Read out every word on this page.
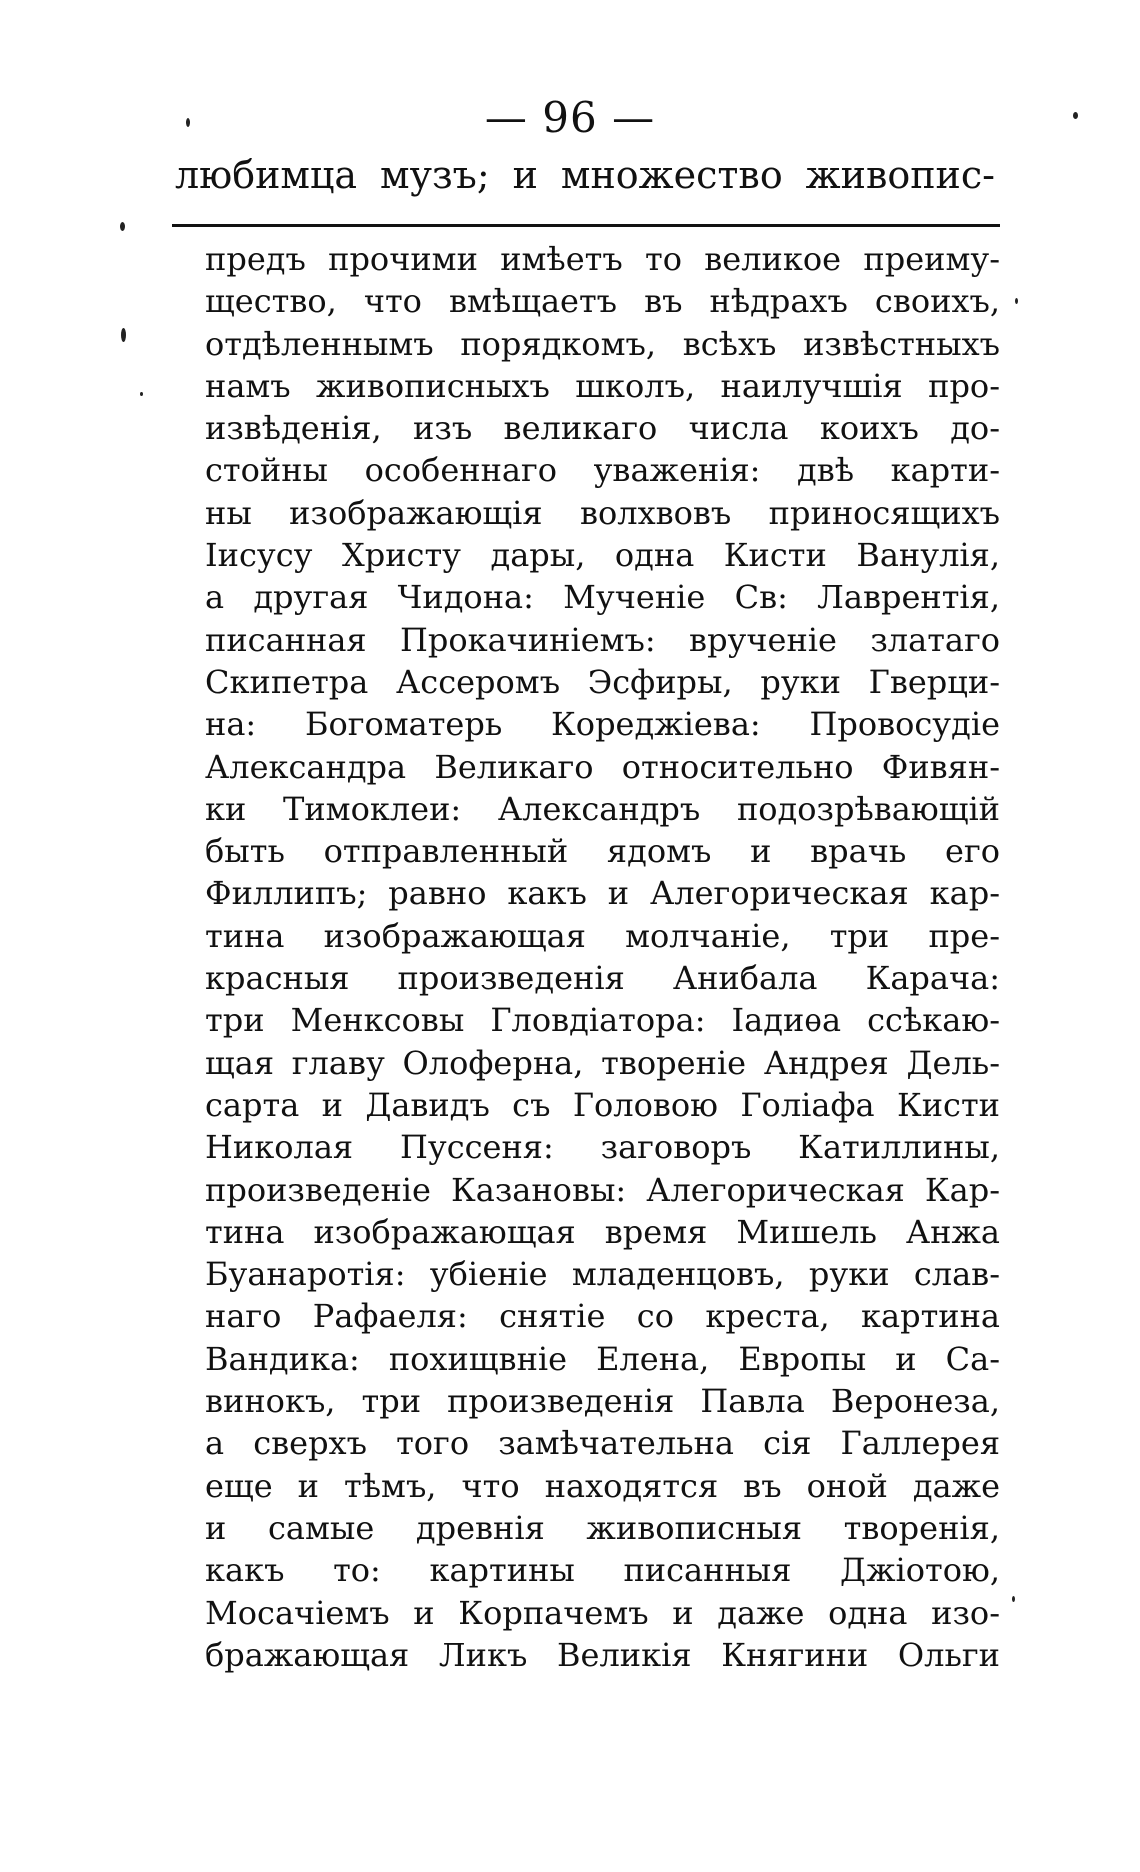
— 96 —
любимца музъ; и множество живопис-
предъ прочими имѣетъ то великое преиму-
щество, что вмѣщаетъ въ нѣдрахъ своихъ,
отдѣленнымъ порядкомъ, всѣхъ извѣстныхъ
намъ живописныхъ школъ, наилучшія про-
извѣденія, изъ великаго числа коихъ до-
стойны особеннаго уваженія: двѣ карти-
ны изображающія волхвовъ приносящихъ
Іисусу Христу дары, одна Кисти Ванулія,
а другая Чидона: Мученіе Св: Лаврентія,
писанная Прокачиніемъ: врученіе златаго
Скипетра Ассеромъ Эсфиры, руки Гверци-
на: Богоматерь Кореджіева: Провосудіе
Александра Великаго относительно Фивян-
ки Тимоклеи: Александръ подозрѣвающій
быть отправленный ядомъ и врачь его
Филлипъ; равно какъ и Алегорическая кар-
тина изображающая молчаніе, три пре-
красныя произведенія Анибала Карача:
три Менксовы Гловдіатора: Іадиѳа ссѣкаю-
щая главу Олоферна, твореніе Андрея Дель-
сарта и Давидъ съ Головою Голіафа Кисти
Николая Пуссеня: заговоръ Катиллины,
произведеніе Казановы: Алегорическая Кар-
тина изображающая время Мишель Анжа
Буанаротія: убіеніе младенцовъ, руки слав-
наго Рафаеля: снятіе со креста, картина
Вандика: похищвніе Елена, Европы и Са-
винокъ, три произведенія Павла Веронеза,
а сверхъ того замѣчательна сія Галлерея
еще и тѣмъ, что находятся въ оной даже
и самые древнія живописныя творенія,
какъ то: картины писанныя Джіотою,
Мосачіемъ и Корпачемъ и даже одна изо-
бражающая Ликъ Великія Княгини Ольги
